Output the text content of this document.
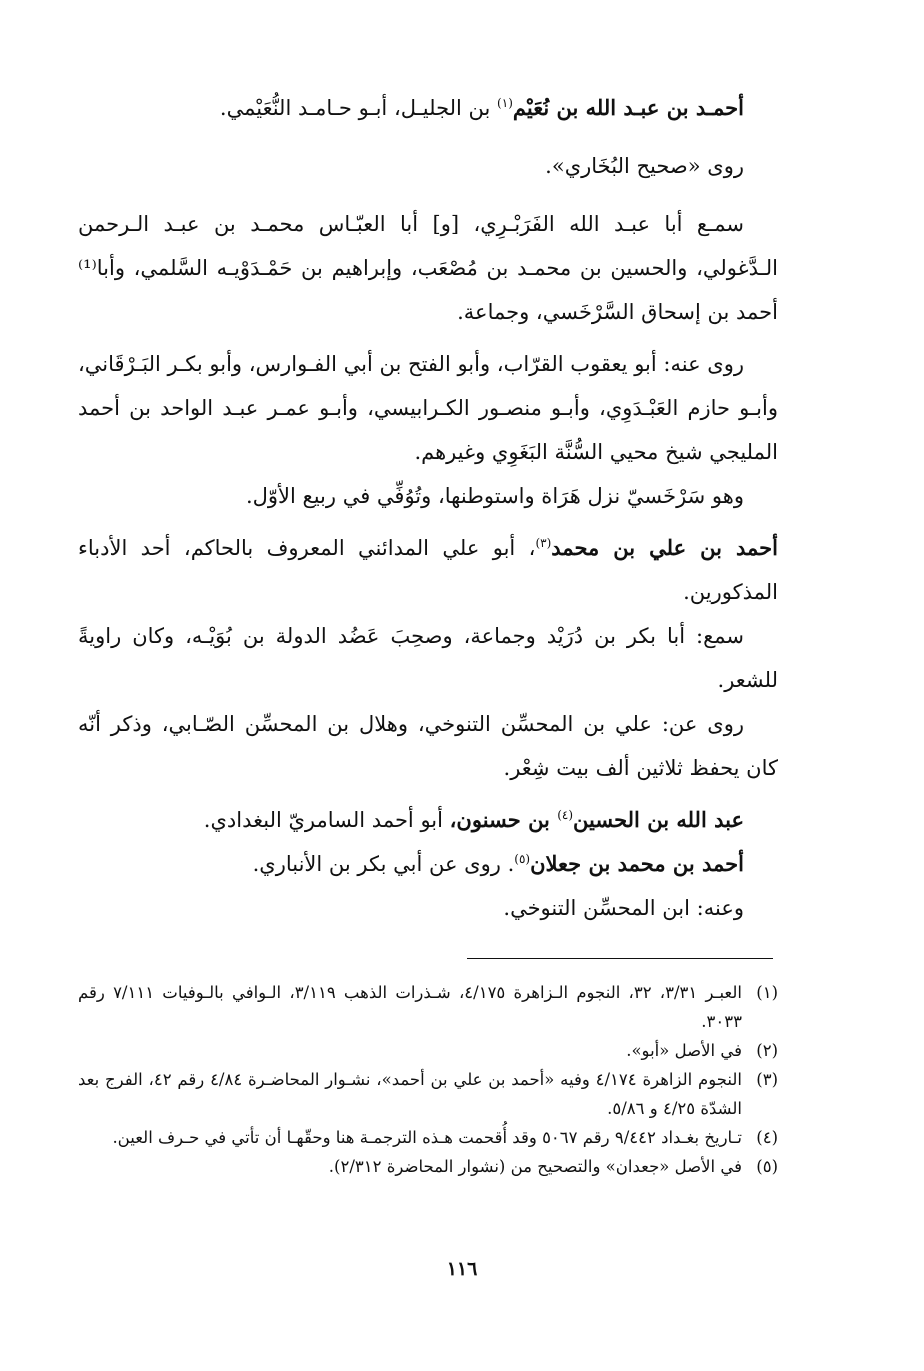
أحمـد بن عبـد الله بن نُعَيْم$^{(١)}$ بن الجليـل، أبـو حـامـد النُّعَيْمي.

روى «صحيح البُخَاري».

سمـع أبا عبـد الله الفَرَبْـرِي، [و] أبا العبّـاس محمـد بن عبـد الـرحمن الـدَّغولي، والحسين بن محمـد بن مُصْعَب، وإبراهيم بن حَمْـدَوْيـه السَّلمي، وأبا⁽¹⁾ أحمد بن إسحاق السَّرْخَسي، وجماعة.

روى عنه: أبو يعقوب القرّاب، وأبو الفتح بن أبي الفـوارس، وأبو بكـر البَـرْقَاني، وأبـو حازم العَبْـدَوِي، وأبـو منصـور الكـرابيسي، وأبـو عمـر عبـد الواحد بن أحمد المليجي شيخ محيي السُّنَّة البَغَوِي وغيرهم.

وهو سَرْخَسيّ نزل هَرَاة واستوطنها، وتُوُفِّي في ربيع الأوّل.

أحمد بن علي بن محمد$^{(٣)}$، أبو علي المدائني المعروف بالحاكم، أحد الأدباء المذكورين.

سمع: أبا بكر بن دُرَيْد وجماعة، وصحِبَ عَضُد الدولة بن بُوَيْـه، وكان راويةً للشعر.

روى عن: علي بن المحسِّن التنوخي، وهلال بن المحسِّن الصّـابي، وذكر أنّه كان يحفظ ثلاثين ألف بيت شِعْر.

عبد الله بن الحسين$^{(٤)}$ بن حسنون، أبو أحمد السامريّ البغدادي.

أحمد بن محمد بن جعلان$^{(٥)}$. روى عن أبي بكر بن الأنباري.

وعنه: ابن المحسِّن التنوخي.

(١)
العبـر ٣/٣١، ٣٢، النجوم الـزاهرة ٤/١٧٥، شـذرات الذهب ٣/١١٩، الـوافي بالـوفيات ٧/١١١ رقم ٣٠٣٣.

(٢)
في الأصل «أبو».

(٣)
النجوم الزاهرة ٤/١٧٤ وفيه «أحمد بن علي بن أحمد»، نشـوار المحاضـرة ٤/٨٤ رقم ٤٢، الفرج بعد الشدّة ٤/٢٥ و ٥/٨٦.

(٤)
تـاريخ بغـداد ٩/٤٤٢ رقم ٥٠٦٧ وقد أُقحمت هـذه الترجمـة هنا وحقّهـا أن تأتي في حـرف العين.

(٥)
في الأصل «جعدان» والتصحيح من (نشوار المحاضرة ٢/٣١٢).

١١٦
